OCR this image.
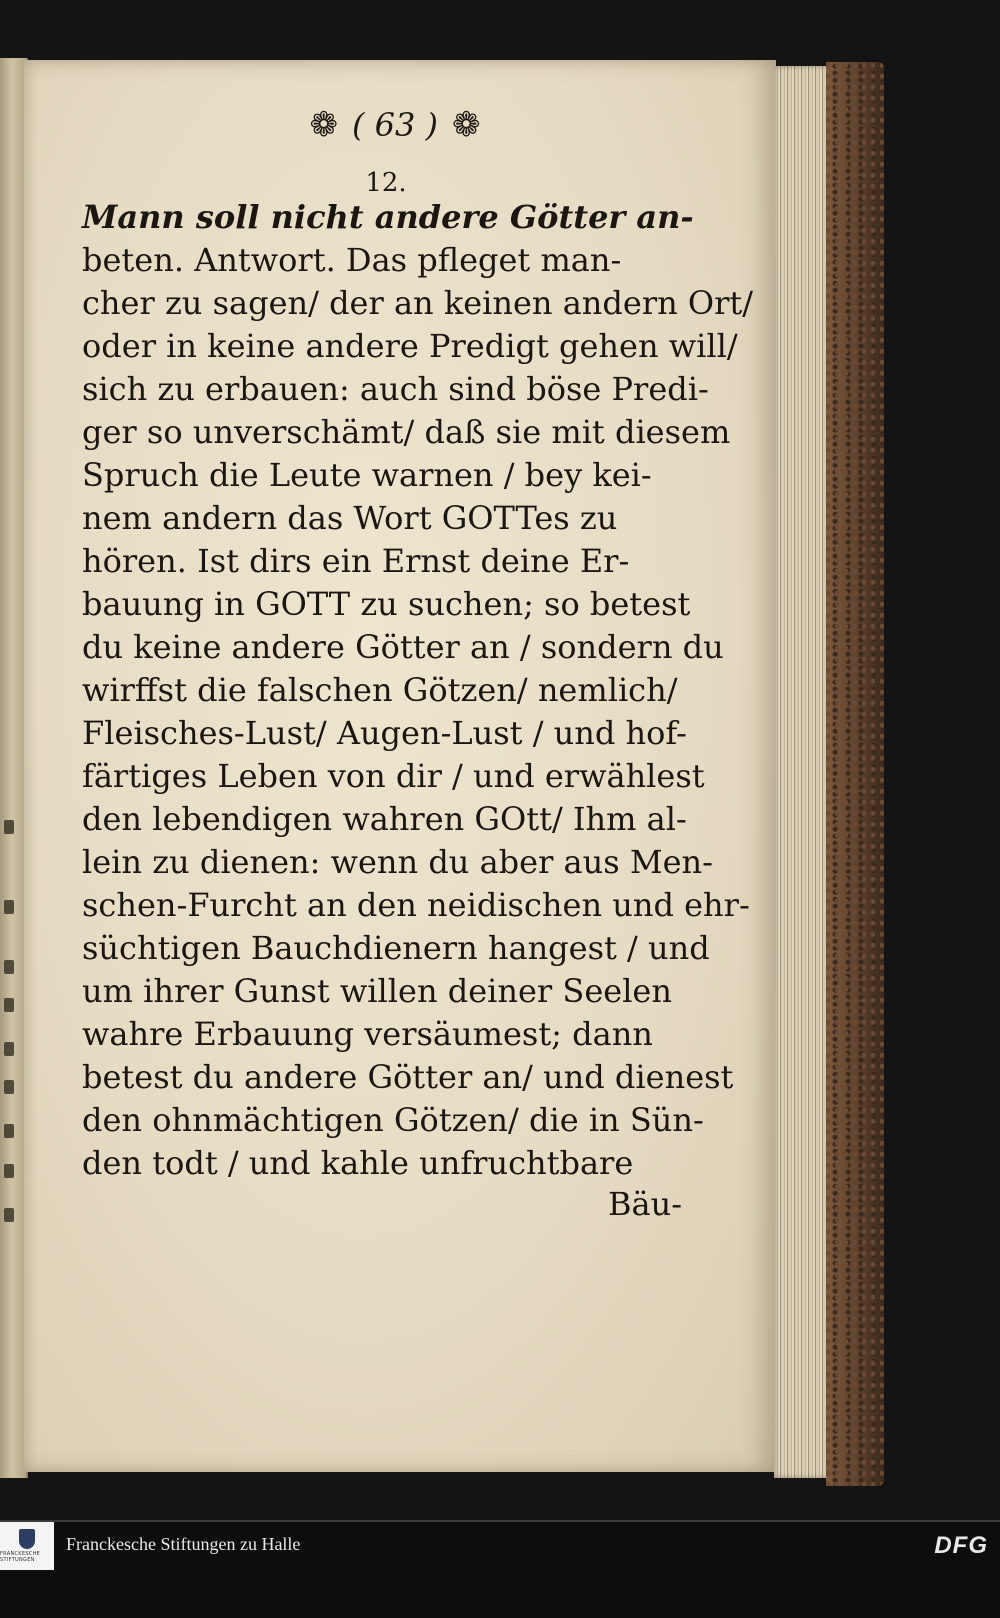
❁ ( 63 ) ❁
12.
Mann soll nicht andere Götter an-
beten. Antwort. Das pfleget man-
cher zu sagen/ der an keinen andern Ort/
oder in keine andere Predigt gehen will/
sich zu erbauen: auch sind böse Predi-
ger so unverschämt/ daß sie mit diesem
Spruch die Leute warnen / bey kei-
nem andern das Wort GOTTes zu
hören. Ist dirs ein Ernst deine Er-
bauung in GOTT zu suchen; so betest
du keine andere Götter an / sondern du
wirffst die falschen Götzen/ nemlich/
Fleisches-Lust/ Augen-Lust / und hof-
färtiges Leben von dir / und erwählest
den lebendigen wahren GOtt/ Ihm al-
lein zu dienen: wenn du aber aus Men-
schen-Furcht an den neidischen und ehr-
süchtigen Bauchdienern hangest / und
um ihrer Gunst willen deiner Seelen
wahre Erbauung versäumest; dann
betest du andere Götter an/ und dienest
den ohnmächtigen Götzen/ die in Sün-
den todt / und kahle unfruchtbare
Bäu-
FRANCKESCHE STIFTUNGEN
Franckesche Stiftungen zu Halle	DFG
